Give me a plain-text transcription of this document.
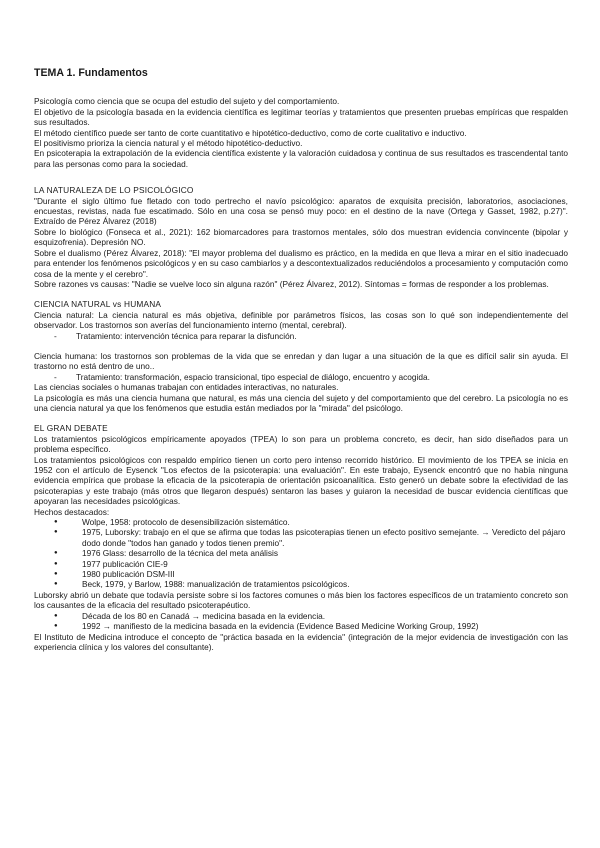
TEMA 1. Fundamentos

Psicología como ciencia que se ocupa del estudio del sujeto y del comportamiento.

El objetivo de la psicología basada en la evidencia científica es legitimar teorías y tratamientos que presenten pruebas empíricas que respalden sus resultados.

El método científico puede ser tanto de corte cuantitativo e hipotético-deductivo, como de corte cualitativo e inductivo.

El positivismo prioriza la ciencia natural y el método hipotético-deductivo.

En psicoterapia la extrapolación de la evidencia científica existente y la valoración cuidadosa y continua de sus resultados es trascendental tanto para las personas como para la sociedad.

LA NATURALEZA DE LO PSICOLÓGICO

"Durante el siglo último fue fletado con todo pertrecho el navío psicológico: aparatos de exquisita precisión, laboratorios, asociaciones, encuestas, revistas, nada fue escatimado. Sólo en una cosa se pensó muy poco: en el destino de la nave (Ortega y Gasset, 1982, p.27)". Extraído de Pérez Álvarez (2018)

Sobre lo biológico (Fonseca et al., 2021): 162 biomarcadores para trastornos mentales, sólo dos muestran evidencia convincente (bipolar y esquizofrenia). Depresión NO.

Sobre el dualismo (Pérez Álvarez, 2018): "El mayor problema del dualismo es práctico, en la medida en que lleva a mirar en el sitio inadecuado para entender los fenómenos psicológicos y en su caso cambiarlos y a descontextualizados reduciéndolos a procesamiento y computación como cosa de la mente y el cerebro".

Sobre razones vs causas: "Nadie se vuelve loco sin alguna razón" (Pérez Álvarez, 2012). Síntomas = formas de responder a los problemas.

CIENCIA NATURAL vs HUMANA

Ciencia natural: La ciencia natural es más objetiva, definible por parámetros físicos, las cosas son lo qué son independientemente del observador. Los trastornos son averías del funcionamiento interno (mental, cerebral).

- Tratamiento: intervención técnica para reparar la disfunción.

Ciencia humana: los trastornos son problemas de la vida que se enredan y dan lugar a una situación de la que es difícil salir sin ayuda. El trastorno no está dentro de uno..

- Tratamiento: transformación, espacio transicional, tipo especial de diálogo, encuentro y acogida.

Las ciencias sociales o humanas trabajan con entidades interactivas, no naturales.

La psicología es más una ciencia humana que natural, es más una ciencia del sujeto y del comportamiento que del cerebro. La psicología no es una ciencia natural ya que los fenómenos que estudia están mediados por la "mirada" del psicólogo.

EL GRAN DEBATE

Los tratamientos psicológicos empíricamente apoyados (TPEA) lo son para un problema concreto, es decir, han sido diseñados para un problema específico.

Los tratamientos psicológicos con respaldo empírico tienen un corto pero intenso recorrido histórico. El movimiento de los TPEA se inicia en 1952 con el artículo de Eysenck "Los efectos de la psicoterapia: una evaluación". En este trabajo, Eysenck encontró que no había ninguna evidencia empírica que probase la eficacia de la psicoterapia de orientación psicoanalítica. Esto generó un debate sobre la efectividad de las psicoterapias y este trabajo (más otros que llegaron después) sentaron las bases y guiaron la necesidad de buscar evidencia científicas que apoyaran las necesidades psicológicas.

Hechos destacados:

● Wolpe, 1958: protocolo de desensibilización sistemático.
● 1975, Luborsky: trabajo en el que se afirma que todas las psicoterapias tienen un efecto positivo semejante. → Veredicto del pájaro dodo donde "todos han ganado y todos tienen premio".
● 1976 Glass: desarrollo de la técnica del meta análisis
● 1977 publicación CIE-9
● 1980 publicación DSM-III
● Beck, 1979, y Barlow, 1988: manualización de tratamientos psicológicos.

Luborsky abrió un debate que todavía persiste sobre si los factores comunes o más bien los factores específicos de un tratamiento concreto son los causantes de la eficacia del resultado psicoterapéutico.

● Década de los 80 en Canadá → medicina basada en la evidencia.
● 1992 → manifiesto de la medicina basada en la evidencia (Evidence Based Medicine Working Group, 1992)

El Instituto de Medicina introduce el concepto de "práctica basada en la evidencia" (integración de la mejor evidencia de investigación con las experiencia clínica y los valores del consultante).
